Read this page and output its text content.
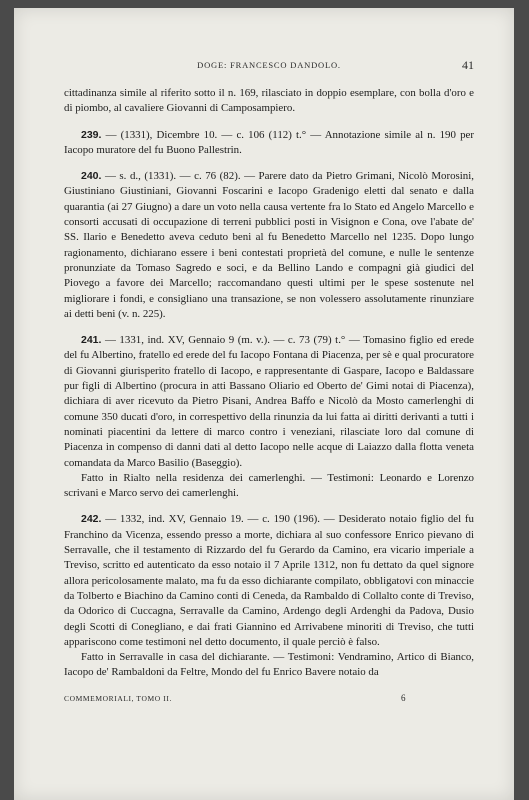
DOGE: FRANCESCO DANDOLO.	41

cittadinanza simile al riferito sotto il n. 169, rilasciato in doppio esemplare, con bolla d'oro e di piombo, al cavaliere Giovanni di Camposampiero.

239. — (1331), Dicembre 10. — c. 106 (112) t.° — Annotazione simile al n. 190 per Iacopo muratore del fu Buono Pallestrin.

240. — s. d., (1331). — c. 76 (82). — Parere dato da Pietro Grimani, Nicolò Morosini, Giustiniano Giustiniani, Giovanni Foscarini e Iacopo Gradenigo eletti dal senato e dalla quarantia (ai 27 Giugno) a dare un voto nella causa vertente fra lo Stato ed Angelo Marcello e consorti accusati di occupazione di terreni pubblici posti in Visignon e Cona, ove l'abate de' SS. Ilario e Benedetto aveva ceduto beni al fu Benedetto Marcello nel 1235. Dopo lungo ragionamento, dichiarano essere i beni contestati proprietà del comune, e nulle le sentenze pronunziate da Tomaso Sagredo e soci, e da Bellino Lando e compagni già giudici del Piovego a favore dei Marcello; raccomandano questi ultimi per le spese sostenute nel migliorare i fondi, e consigliano una transazione, se non volessero assolutamente rinunziare ai detti beni (v. n. 225).

241. — 1331, ind. XV, Gennaio 9 (m. v.). — c. 73 (79) t.° — Tomasino figlio ed erede del fu Albertino, fratello ed erede del fu Iacopo Fontana di Piacenza, per sè e qual procuratore di Giovanni giurisperito fratello di Iacopo, e rappresentante di Gaspare, Iacopo e Baldassare pur figli di Albertino (procura in atti Bassano Oliario ed Oberto de' Gimi notai di Piacenza), dichiara di aver ricevuto da Pietro Pisani, Andrea Baffo e Nicolò da Mosto camerlenghi di comune 350 ducati d'oro, in correspettivo della rinunzia da lui fatta ai diritti derivanti a tutti i nominati piacentini da lettere di marco contro i veneziani, rilasciate loro dal comune di Piacenza in compenso di danni dati al detto Iacopo nelle acque di Laiazzo dalla flotta veneta comandata da Marco Basilio (Baseggio).

Fatto in Rialto nella residenza dei camerlenghi. — Testimoni: Leonardo e Lorenzo scrivani e Marco servo dei camerlenghi.

242. — 1332, ind. XV, Gennaio 19. — c. 190 (196). — Desiderato notaio figlio del fu Franchino da Vicenza, essendo presso a morte, dichiara al suo confessore Enrico pievano di Serravalle, che il testamento di Rizzardo del fu Gerardo da Camino, era vicario imperiale a Treviso, scritto ed autenticato da esso notaio il 7 Aprile 1312, non fu dettato da quel signore allora pericolosamente malato, ma fu da esso dichiarante compilato, obbligatovi con minaccie da Tolberto e Biachino da Camino conti di Ceneda, da Rambaldo di Collalto conte di Treviso, da Odorico di Cuccagna, Serravalle da Camino, Ardengo degli Ardenghi da Padova, Dusio degli Scotti di Conegliano, e dai frati Giannino ed Arrivabene minoriti di Treviso, che tutti appariscono come testimoni nel detto documento, il quale perciò è falso.

Fatto in Serravalle in casa del dichiarante. — Testimoni: Vendramino, Artico di Bianco, Iacopo de' Rambaldoni da Feltre, Mondo del fu Enrico Bavere notaio da

COMMEMORIALI, TOMO II.	6
